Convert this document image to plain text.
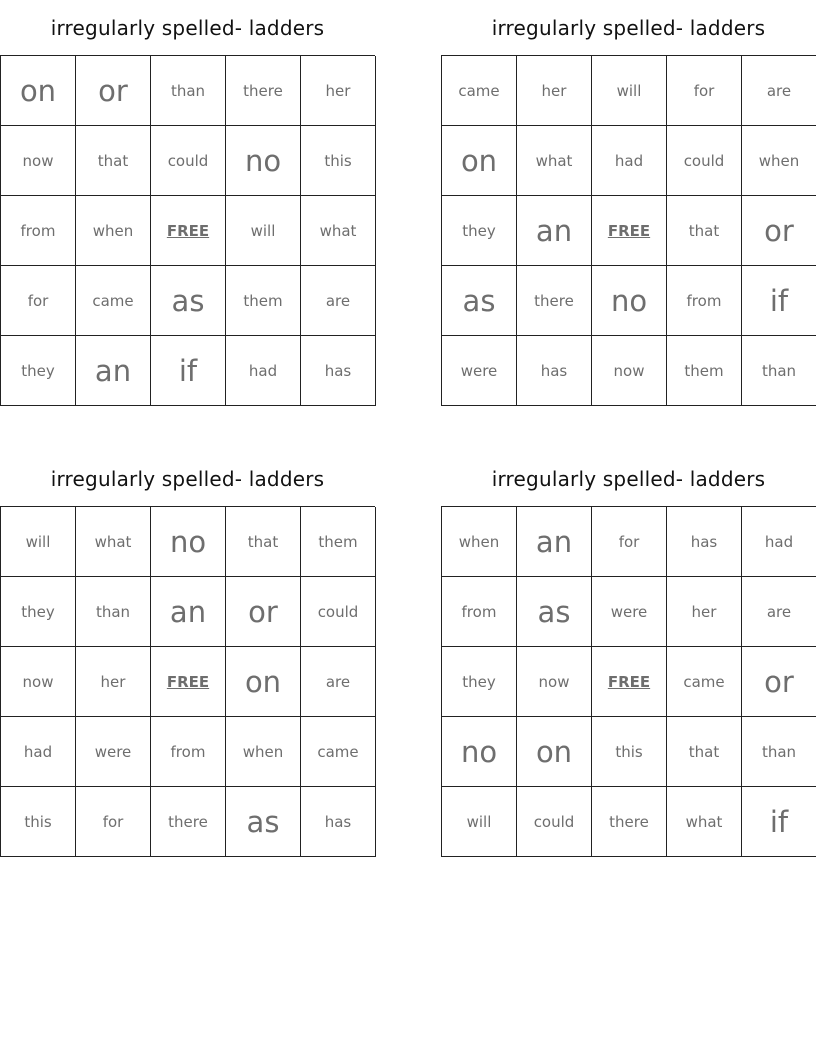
irregularly spelled- ladders
on	or	than	there	her
now	that	could	no	this
from	when	FREE	will	what
for	came	as	them	are
they	an	if	had	has
irregularly spelled- ladders
came	her	will	for	are
on	what	had	could	when
they	an	FREE	that	or
as	there	no	from	if
were	has	now	them	than
irregularly spelled- ladders
will	what	no	that	them
they	than	an	or	could
now	her	FREE	on	are
had	were	from	when	came
this	for	there	as	has
irregularly spelled- ladders
when	an	for	has	had
from	as	were	her	are
they	now	FREE	came	or
no	on	this	that	than
will	could	there	what	if
